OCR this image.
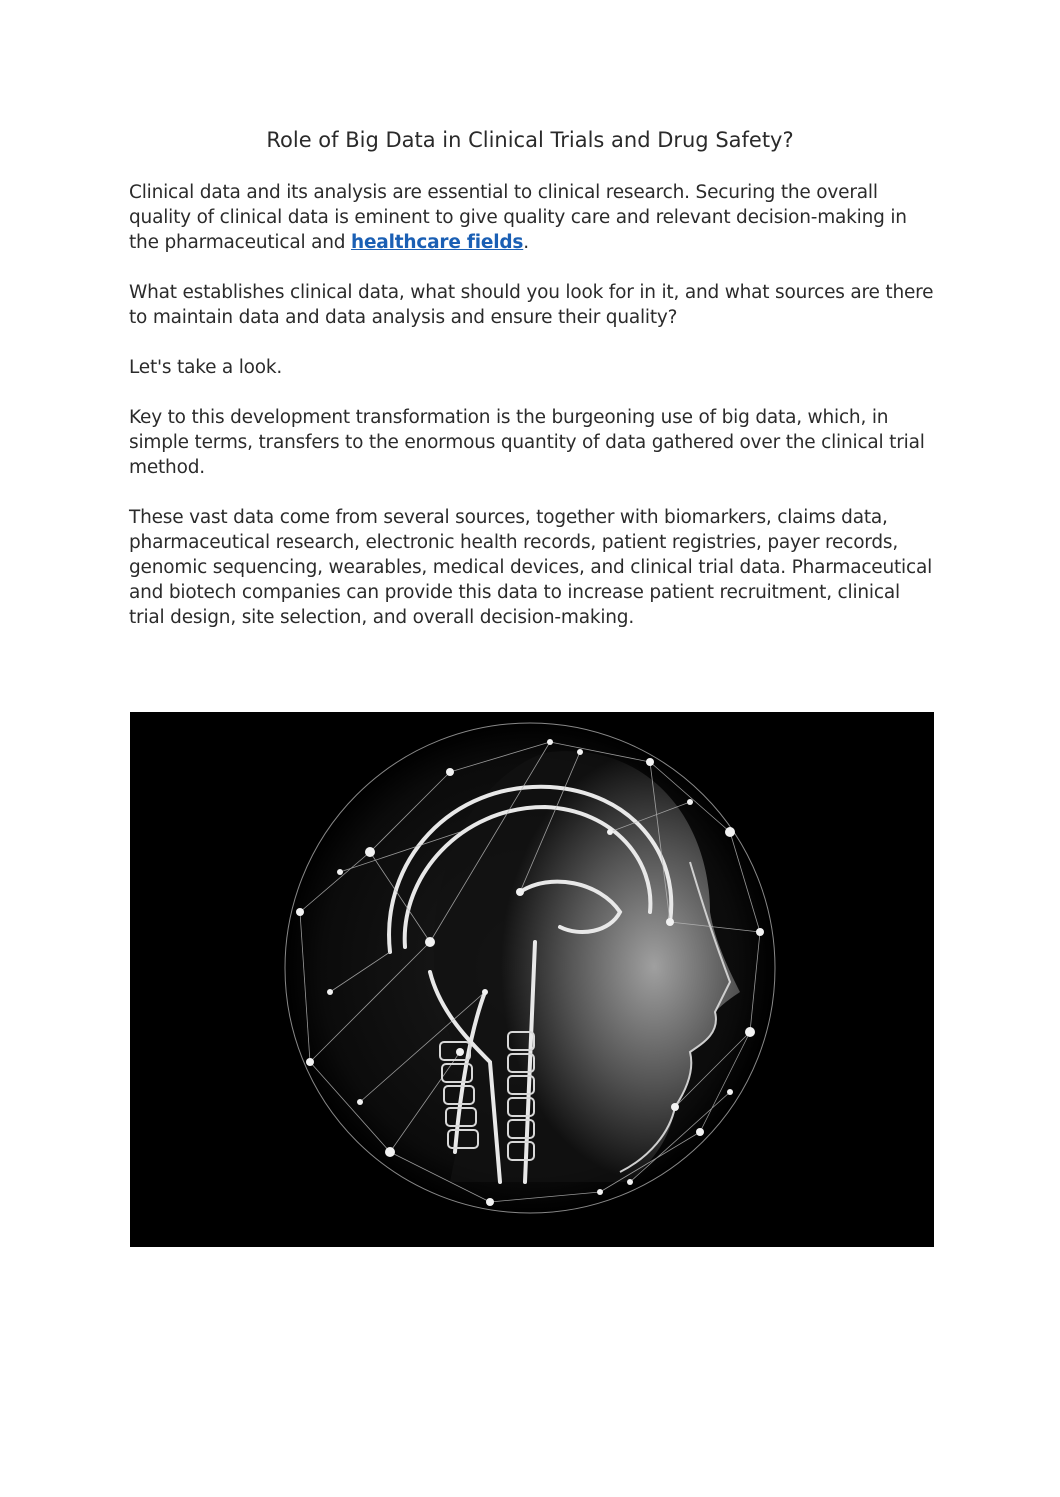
Role of Big Data in Clinical Trials and Drug Safety?

Clinical data and its analysis are essential to clinical research. Securing the overall quality of clinical data is eminent to give quality care and relevant decision-making in the pharmaceutical and healthcare fields.

What establishes clinical data, what should you look for in it, and what sources are there to maintain data and data analysis and ensure their quality?

Let's take a look.

Key to this development transformation is the burgeoning use of big data, which, in simple terms, transfers to the enormous quantity of data gathered over the clinical trial method.

These vast data come from several sources, together with biomarkers, claims data, pharmaceutical research, electronic health records, patient registries, payer records, genomic sequencing, wearables, medical devices, and clinical trial data. Pharmaceutical and biotech companies can provide this data to increase patient recruitment, clinical trial design, site selection, and overall decision-making.
